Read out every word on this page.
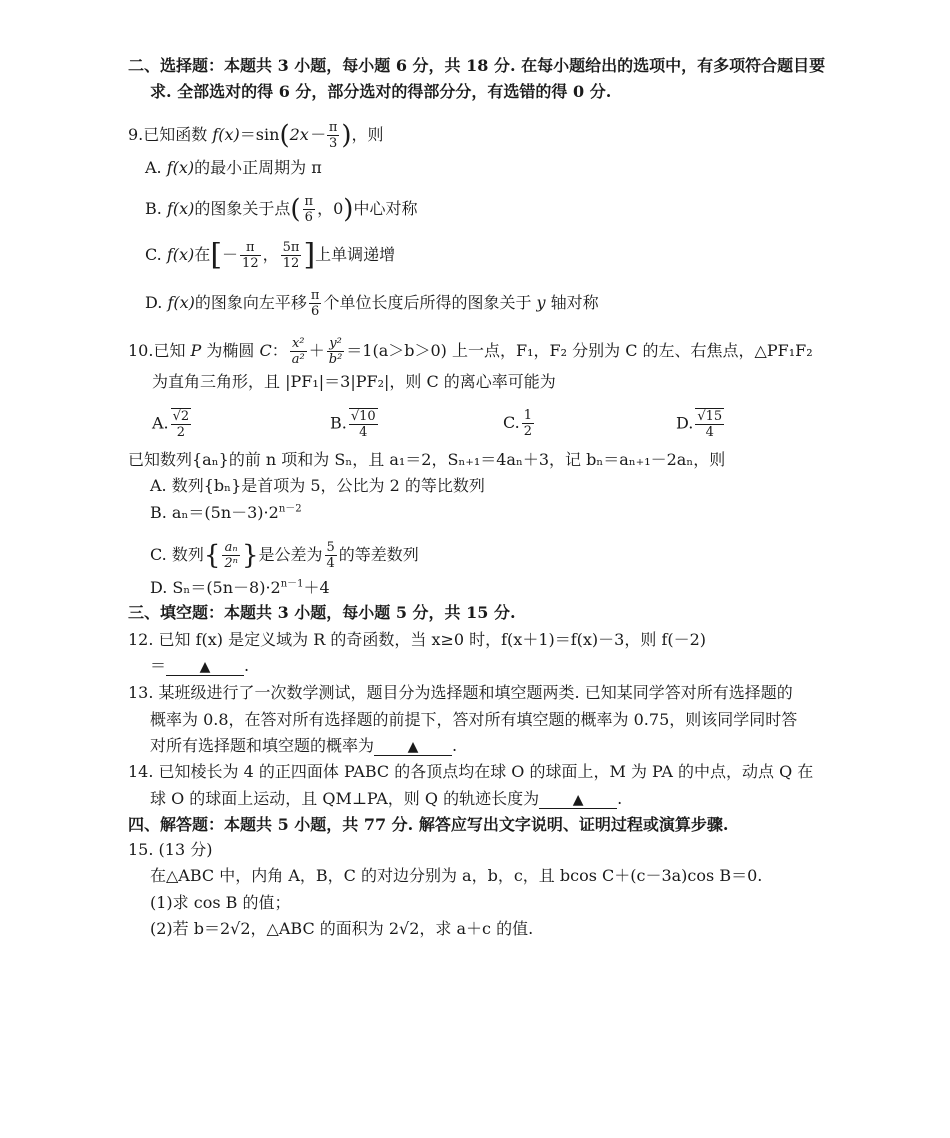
二、选择题：本题共 3 小题，每小题 6 分，共 18 分. 在每小题给出的选项中，有多项符合题目要
求. 全部选对的得 6 分，部分选对的得部分分，有选错的得 0 分.
9.已知函数 $f(x)=\sin(2x- \frac{\pi}{3}$ )，则
A. f(x)的最小正周期为 π
B. f(x)的图象关于点( $\frac{\pi}{6}$ ，0)中心对称
C. f(x)在[－ $\frac{\pi}{12}$ ， $\frac{5\pi}{12}$ ]上单调递增
D. f(x)的图象向左平移 $\frac{\pi}{6}$ 个单位长度后所得的图象关于 y 轴对称
10.已知 P 为椭圆 C： $\frac{\text{x²}}{\text{a²}} + \frac{\text{y²}}{\text{b²}} =1(a>b>0)$ 上一点，F₁，F₂ 分别为 C 的左、右焦点，△PF₁F₂
为直角三角形，且 |PF₁|＝3|PF₂|，则 C 的离心率可能为
A. $\frac{√2}{2}$	B. $\frac{√10}{4}$	C. $\frac{1}{2}$	D. $\frac{√15}{4}$
已知数列{aₙ}的前 n 项和为 Sₙ，且 a₁＝2，Sₙ₊₁＝4aₙ＋3，记 bₙ＝aₙ₊₁－2aₙ，则
A. 数列{bₙ}是首项为 5，公比为 2 的等比数列
B. $a_n=(5n-3)\cdot 2^{n-2}$
C. 数列{ $\frac{\text{aₙ}}{\text{2ⁿ}}$ }是公差为 $\frac{5}{4}$ 的等差数列
D. $S_n=(5n-8)\cdot 2^{n-1}+4$
三、填空题：本题共 3 小题，每小题 5 分，共 15 分.
12. 已知 f(x) 是定义域为 R 的奇函数，当 x≥0 时，f(x＋1)＝f(x)－3，则 f(－2)
＝ ▲ .
13. 某班级进行了一次数学测试，题目分为选择题和填空题两类. 已知某同学答对所有选择题的
概率为 0.8，在答对所有选择题的前提下，答对所有填空题的概率为 0.75，则该同学同时答
对所有选择题和填空题的概率为 ▲ .
14. 已知棱长为 4 的正四面体 PABC 的各顶点均在球 O 的球面上，M 为 PA 的中点，动点 Q 在
球 O 的球面上运动，且 QM⊥PA，则 Q 的轨迹长度为 ▲ .
四、解答题：本题共 5 小题，共 77 分. 解答应写出文字说明、证明过程或演算步骤.
15. (13 分)
在△ABC 中，内角 A，B，C 的对边分别为 a，b，c，且 bcos C＋(c－3a)cos B＝0.
(1)求 cos B 的值；
(2)若 b＝2√2，△ABC 的面积为 2√2，求 a＋c 的值.
